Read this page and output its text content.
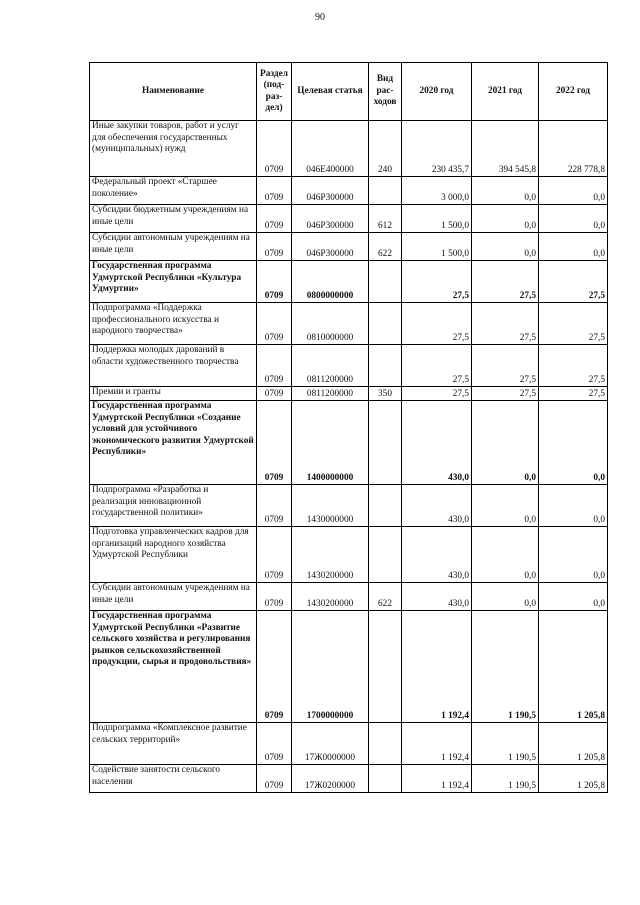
90
Наименование	Раздел (под- раз- дел)	Целевая статья	Вид рас- ходов	2020 год	2021 год	2022 год
Иные закупки товаров, работ и услуг для обеспечения государственных (муниципальных) нужд	0709	046E400000	240	230 435,7	394 545,8	228 778,8
Федеральный проект «Старшее поколение»	0709	046P300000		3 000,0	0,0	0,0
Субсидии бюджетным учреждениям на иные цели	0709	046P300000	612	1 500,0	0,0	0,0
Субсидии автономным учреждениям на иные цели	0709	046P300000	622	1 500,0	0,0	0,0
Государственная программа Удмуртской Республики «Культура Удмуртии»	0709	0800000000		27,5	27,5	27,5
Подпрограмма «Поддержка профессионального искусства и народного творчества»	0709	0810000000		27,5	27,5	27,5
Поддержка молодых дарований в области художественного творчества	0709	0811200000		27,5	27,5	27,5
Премии и гранты	0709	0811200000	350	27,5	27,5	27,5
Государственная программа Удмуртской Республики «Создание условий для устойчивого экономического развития Удмуртской Республики»	0709	1400000000		430,0	0,0	0,0
Подпрограмма «Разработка и реализация инновационной государственной политики»	0709	1430000000		430,0	0,0	0,0
Подготовка управленческих кадров для организаций народного хозяйства Удмуртской Республики	0709	1430200000		430,0	0,0	0,0
Субсидии автономным учреждениям на иные цели	0709	1430200000	622	430,0	0,0	0,0
Государственная программа Удмуртской Республики «Развитие сельского хозяйства и регулирования рынков сельскохозяйственной продукции, сырья и продовольствия»	0709	1700000000		1 192,4	1 190,5	1 205,8
Подпрограмма «Комплексное развитие сельских территорий»	0709	17Ж0000000		1 192,4	1 190,5	1 205,8
Содействие занятости сельского населения	0709	17Ж0200000		1 192,4	1 190,5	1 205,8
